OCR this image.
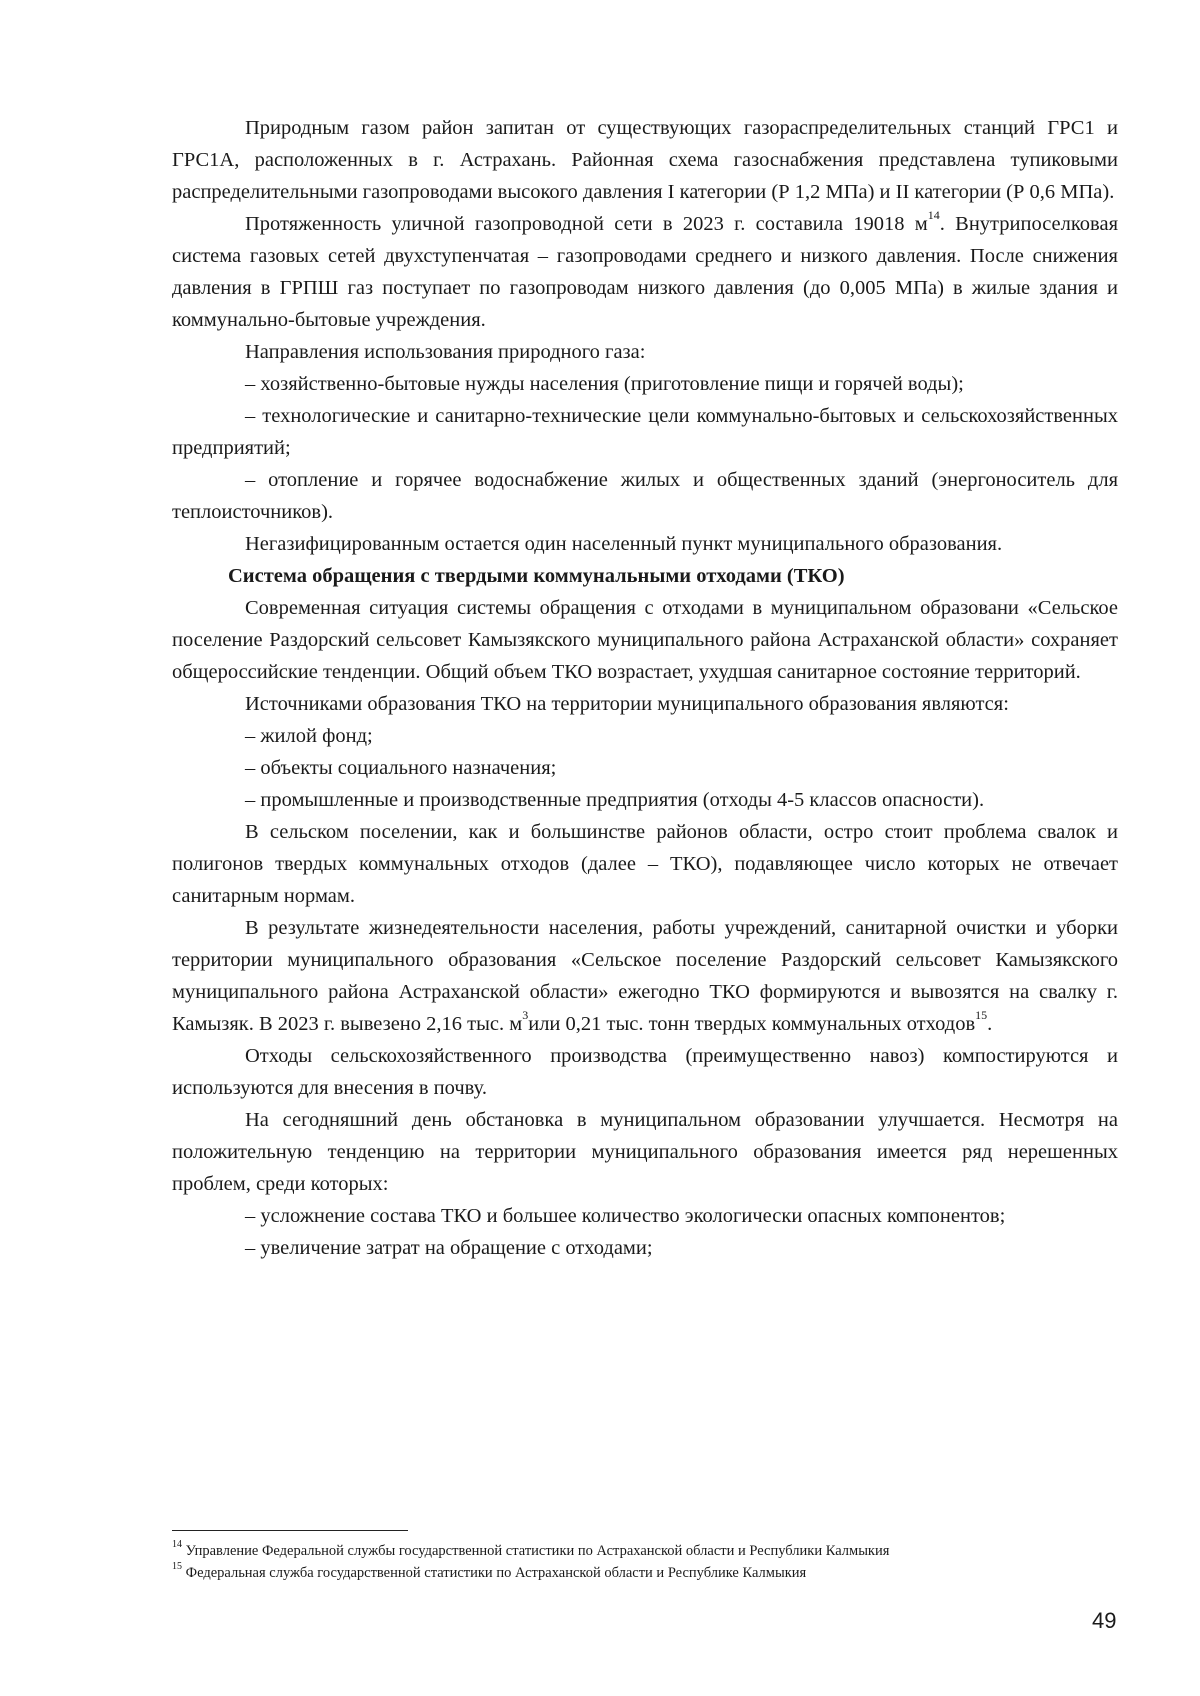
Природным газом район запитан от существующих газораспределительных станций ГРС1 и ГРС1А, расположенных в г. Астрахань. Районная схема газоснабжения представлена тупиковыми распределительными газопроводами высокого давления I категории (Р 1,2 МПа) и II категории (Р 0,6 МПа).

Протяженность уличной газопроводной сети в 2023 г. составила 19018 $м^{14}$. Внутрипоселковая система газовых сетей двухступенчатая – газопроводами среднего и низкого давления. После снижения давления в ГРПШ газ поступает по газопроводам низкого давления (до 0,005 МПа) в жилые здания и коммунально-бытовые учреждения.

Направления использования природного газа:

– хозяйственно-бытовые нужды населения (приготовление пищи и горячей воды);

– технологические и санитарно-технические цели коммунально-бытовых и сельскохозяйственных предприятий;

– отопление и горячее водоснабжение жилых и общественных зданий (энергоноситель для теплоисточников).

Негазифицированным остается один населенный пункт муниципального образования.

Система обращения с твердыми коммунальными отходами (ТКО)

Современная ситуация системы обращения с отходами в муниципальном образовани «Сельское поселение Раздорский сельсовет Камызякского муниципального района Астраханской области» сохраняет общероссийские тенденции. Общий объем ТКО возрастает, ухудшая санитарное состояние территорий.

Источниками образования ТКО на территории муниципального образования являются:

– жилой фонд;

– объекты социального назначения;

– промышленные и производственные предприятия (отходы 4-5 классов опасности).

В сельском поселении, как и большинстве районов области, остро стоит проблема свалок и полигонов твердых коммунальных отходов (далее – ТКО), подавляющее число которых не отвечает санитарным нормам.

В результате жизнедеятельности населения, работы учреждений, санитарной очистки и уборки территории муниципального образования «Сельское поселение Раздорский сельсовет Камызякского муниципального района Астраханской области» ежегодно ТКО формируются и вывозятся на свалку г. Камызяк. В 2023 г. вывезено 2,16 тыс. $м^3или$ 0,21 тыс. тонн твердых коммунальных отходов$^{15}$.

Отходы сельскохозяйственного производства (преимущественно навоз) компостируются и используются для внесения в почву.

На сегодняшний день обстановка в муниципальном образовании улучшается. Несмотря на положительную тенденцию на территории муниципального образования имеется ряд нерешенных проблем, среди которых:

– усложнение состава ТКО и большее количество экологически опасных компонентов;

– увеличение затрат на обращение с отходами;

$^{14}$ Управление Федеральной службы государственной статистики по Астраханской области и Республики Калмыкия
$^{15}$ Федеральная служба государственной статистики по Астраханской области и Республике Калмыкия
49
